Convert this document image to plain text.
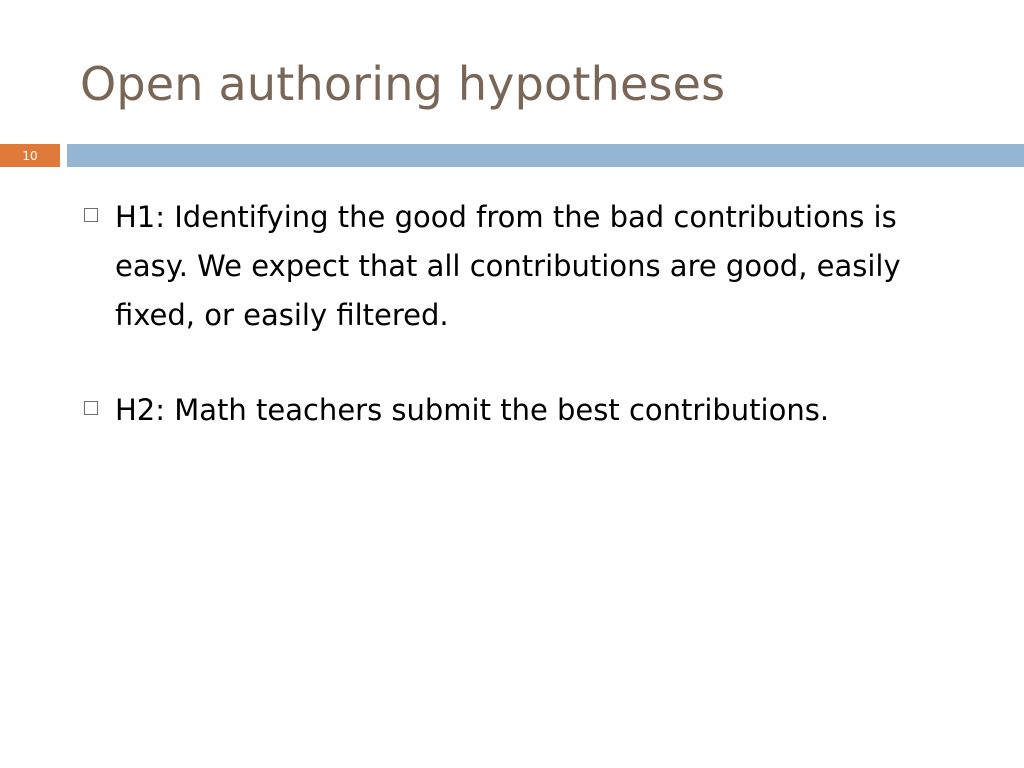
Open authoring hypotheses
10
H1: Identifying the good from the bad contributions is easy. We expect that all contributions are good, easily fixed, or easily filtered.
H2: Math teachers submit the best contributions.
